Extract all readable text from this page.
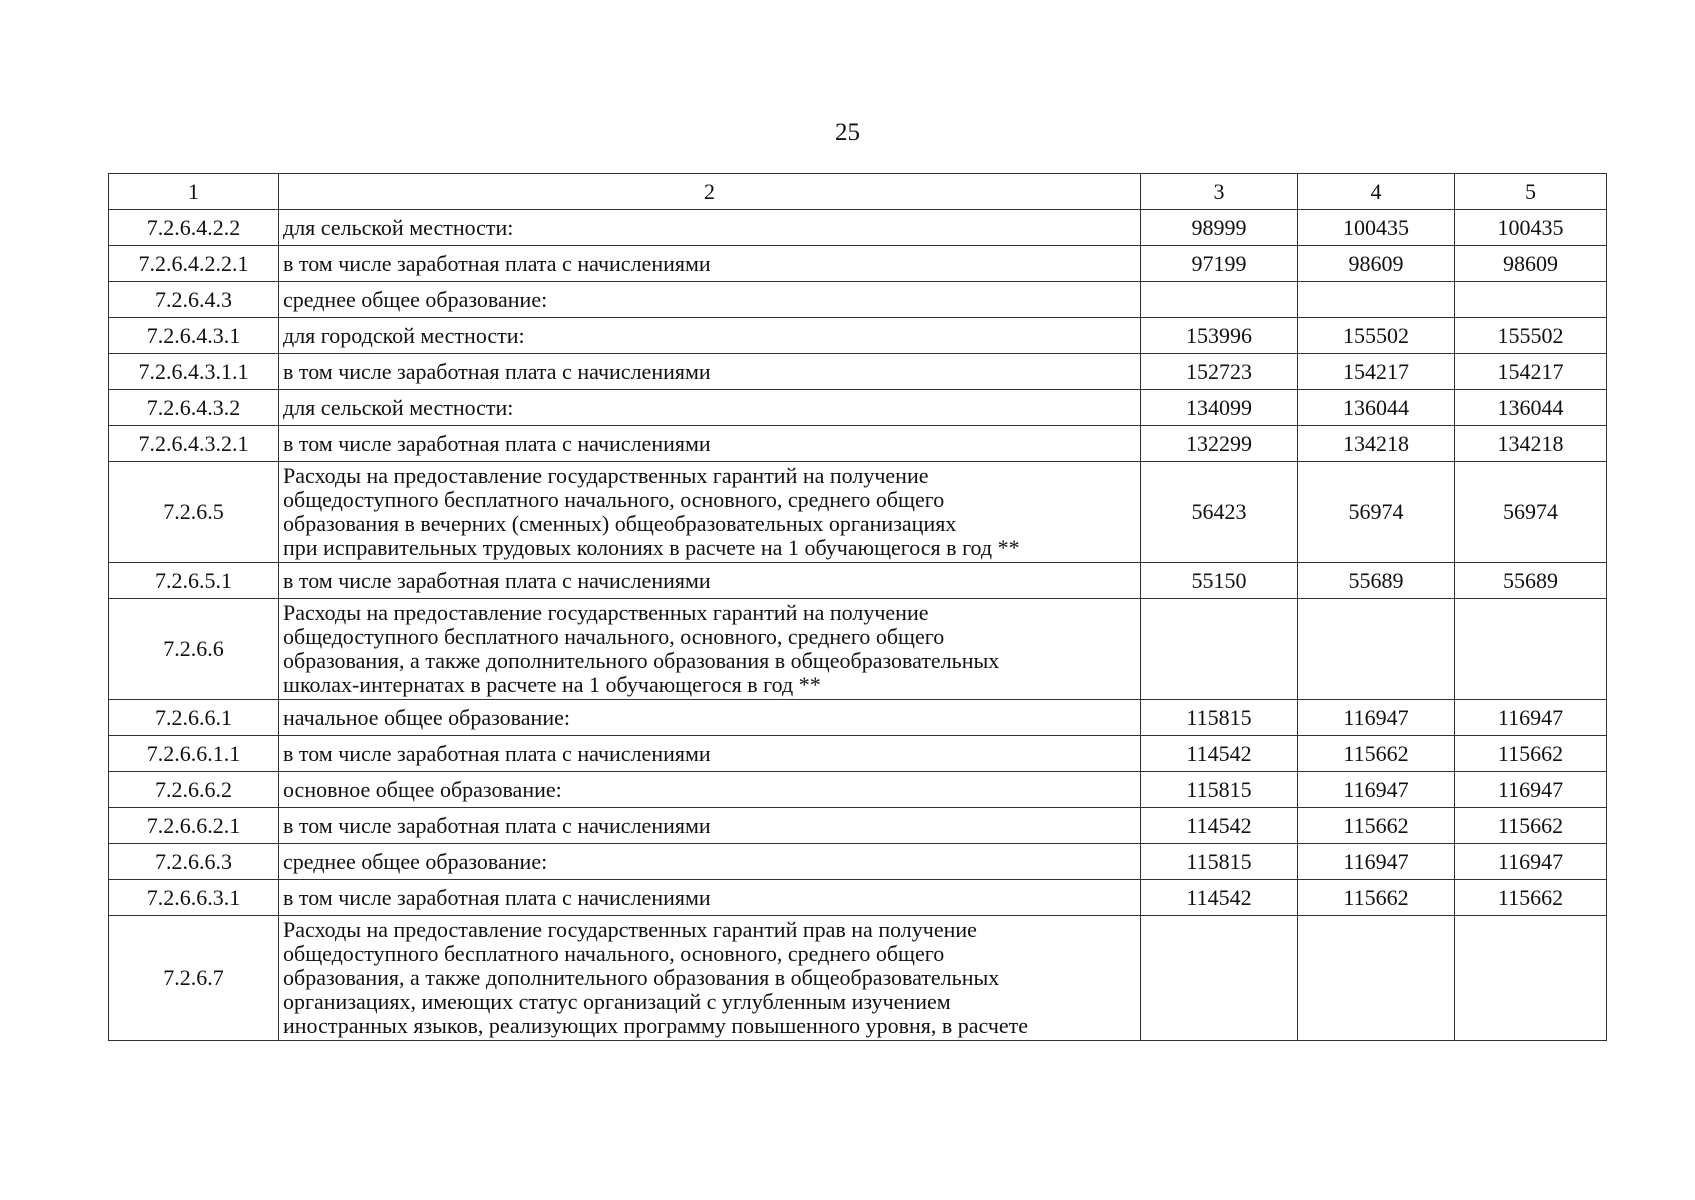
25
1	2	3	4	5
7.2.6.4.2.2	для сельской местности:	98999	100435	100435
7.2.6.4.2.2.1	в том числе заработная плата с начислениями	97199	98609	98609
7.2.6.4.3	среднее общее образование:			
7.2.6.4.3.1	для городской местности:	153996	155502	155502
7.2.6.4.3.1.1	в том числе заработная плата с начислениями	152723	154217	154217
7.2.6.4.3.2	для сельской местности:	134099	136044	136044
7.2.6.4.3.2.1	в том числе заработная плата с начислениями	132299	134218	134218
7.2.6.5	Расходы на предоставление государственных гарантий на получение
общедоступного бесплатного начального, основного, среднего общего
образования в вечерних (сменных) общеобразовательных организациях
при исправительных трудовых колониях в расчете на 1 обучающегося в год **	56423	56974	56974
7.2.6.5.1	в том числе заработная плата с начислениями	55150	55689	55689
7.2.6.6	Расходы на предоставление государственных гарантий на получение
общедоступного бесплатного начального, основного, среднего общего
образования, а также дополнительного образования в общеобразовательных
школах-интернатах в расчете на 1 обучающегося в год **			

7.2.6.6.1	начальное общее образование:	115815	116947	116947
7.2.6.6.1.1	в том числе заработная плата с начислениями	114542	115662	115662
7.2.6.6.2	основное общее образование:	115815	116947	116947
7.2.6.6.2.1	в том числе заработная плата с начислениями	114542	115662	115662
7.2.6.6.3	среднее общее образование:	115815	116947	116947
7.2.6.6.3.1	в том числе заработная плата с начислениями	114542	115662	115662
7.2.6.7	Расходы на предоставление государственных гарантий прав на получение
общедоступного бесплатного начального, основного, среднего общего
образования, а также дополнительного образования в общеобразовательных
организациях, имеющих статус организаций с углубленным изучением
иностранных языков, реализующих программу повышенного уровня, в расчете			
